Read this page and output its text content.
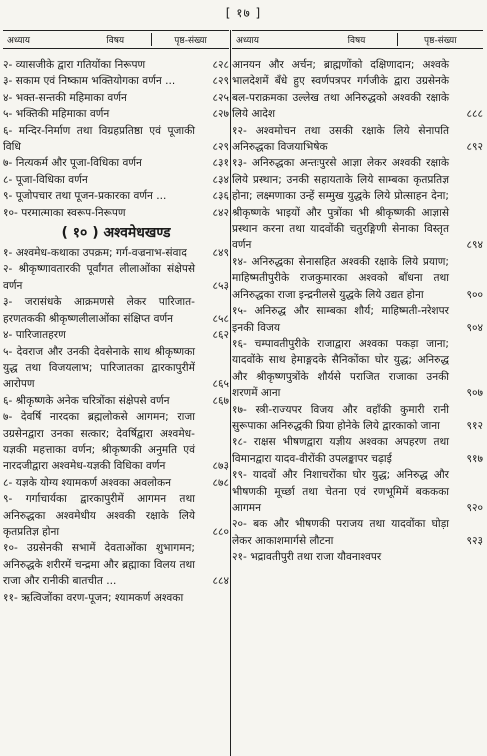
[ १७ ]
अध्याय	विषय	पृष्ठ-संख्या
२- व्यासजीके द्वारा गतियोंका निरूपण	८२८
३- सकाम एवं निष्काम भक्तियोगका वर्णन ...	८२९
४- भक्त-सन्तकी महिमाका वर्णन	८२५
५- भक्तिकी महिमाका वर्णन	८२७
६- मन्दिर-निर्माण तथा विग्रहप्रतिष्ठा एवं पूजाकी विधि	८२९
७- नित्यकर्म और पूजा-विधिका वर्णन	८३१
८- पूजा-विधिका वर्णन	८३४
९- पूजोपचार तथा पूजन-प्रकारका वर्णन ...	८३६
१०- परमात्माका स्वरूप-निरूपण	८४२
( १० ) अश्वमेधखण्ड
१- अश्वमेध-कथाका उपक्रम; गर्ग-वज्रनाभ-संवाद	८४९
२- श्रीकृष्णावतारकी पूर्वांगत लीलाओंका संक्षेपसे वर्णन	८५३
३- जरासंधके आक्रमणसे लेकर पारिजात-हरणतककी श्रीकृष्णलीलाओंका संक्षिप्त वर्णन	८५८
४- पारिजातहरण	८६२
५- देवराज और उनकी देवसेनाके साथ श्रीकृष्णका युद्ध तथा विजयलाभ; पारिजातका द्वारकापुरीमें आरोपण	८६५
६- श्रीकृष्णके अनेक चरित्रोंका संक्षेपसे वर्णन	८६७
७- देवर्षि नारदका ब्रह्मलोकसे आगमन; राजा उग्रसेनद्वारा उनका सत्कार; देवर्षिद्वारा अश्वमेध-यज्ञकी महत्ताका वर्णन; श्रीकृष्णकी अनुमति एवं नारदजीद्वारा अश्वमेध-यज्ञकी विधिका वर्णन	८७३
८- यज्ञके योग्य श्यामकर्ण अश्वका अवलोकन	८७८
९- गर्गाचार्यका द्वारकापुरीमें आगमन तथा अनिरुद्धका अश्वमेधीय अश्वकी रक्षाके लिये कृतप्रतिज्ञ होना	८८०
१०- उग्रसेनकी सभामें देवताओंका शुभागमन; अनिरुद्धके शरीरमें चन्द्रमा और ब्रह्माका विलय तथा राजा और रानीकी बातचीत ...	८८४
११- ऋत्विजोंका वरण-पूजन; श्यामकर्ण अश्वका
अध्याय	विषय	पृष्ठ-संख्या
आनयन और अर्चन; ब्राह्मणोंको दक्षिणादान; अश्वके भालदेशमें बँधे हुए स्वर्णपत्रपर गर्गजीके द्वारा उग्रसेनके बल-पराक्रमका उल्लेख तथा अनिरुद्धको अश्वकी रक्षाके लिये आदेश	८८८
१२- अश्वमोचन तथा उसकी रक्षाके लिये सेनापति अनिरुद्धका विजयाभिषेक	८९२
१३- अनिरुद्धका अन्तःपुरसे आज्ञा लेकर अश्वकी रक्षाके लिये प्रस्थान; उनकी सहायताके लिये साम्बका कृतप्रतिज्ञ होना; लक्ष्मणाका उन्हें सम्मुख युद्धके लिये प्रोत्साहन देना; श्रीकृष्णके भाइयों और पुत्रोंका भी श्रीकृष्णकी आज्ञासे प्रस्थान करना तथा यादवोंकी चतुरङ्गिणी सेनाका विस्तृत वर्णन	८९४
१४- अनिरुद्धका सेनासहित अश्वकी रक्षाके लिये प्रयाण; माहिष्मतीपुरीके राजकुमारका अश्वको बाँधना तथा अनिरुद्धका राजा इन्द्रनीलसे युद्धके लिये उद्यत होना	९००
१५- अनिरुद्ध और साम्बका शौर्य; माहिष्मती-नरेशपर इनकी विजय	९०४
१६- चम्पावतीपुरीके राजाद्वारा अश्वका पकड़ा जाना; यादवोंके साथ हेमाङ्गदके सैनिकोंका घोर युद्ध; अनिरुद्ध और श्रीकृष्णपुत्रोंके शौर्यसे पराजित राजाका उनकी शरणमें आना	९०७
१७- स्त्री-राज्यपर विजय और वहाँकी कुमारी रानी सुरूपाका अनिरुद्धकी प्रिया होनेके लिये द्वारकाको जाना	९१२
१८- राक्षस भीषणद्वारा यज्ञीय अश्वका अपहरण तथा विमानद्वारा यादव-वीरोंकी उपलङ्कापर चढ़ाई	९१७
१९- यादवों और निशाचरोंका घोर युद्ध; अनिरुद्ध और भीषणकी मूर्च्छा तथा चेतना एवं रणभूमिमें बककका आगमन	९२०
२०- बक और भीषणकी पराजय तथा यादवोंका घोड़ा लेकर आकाशमार्गसे लौटना	९२३
२१- भद्रावतीपुरी तथा राजा यौवनाश्वपर
